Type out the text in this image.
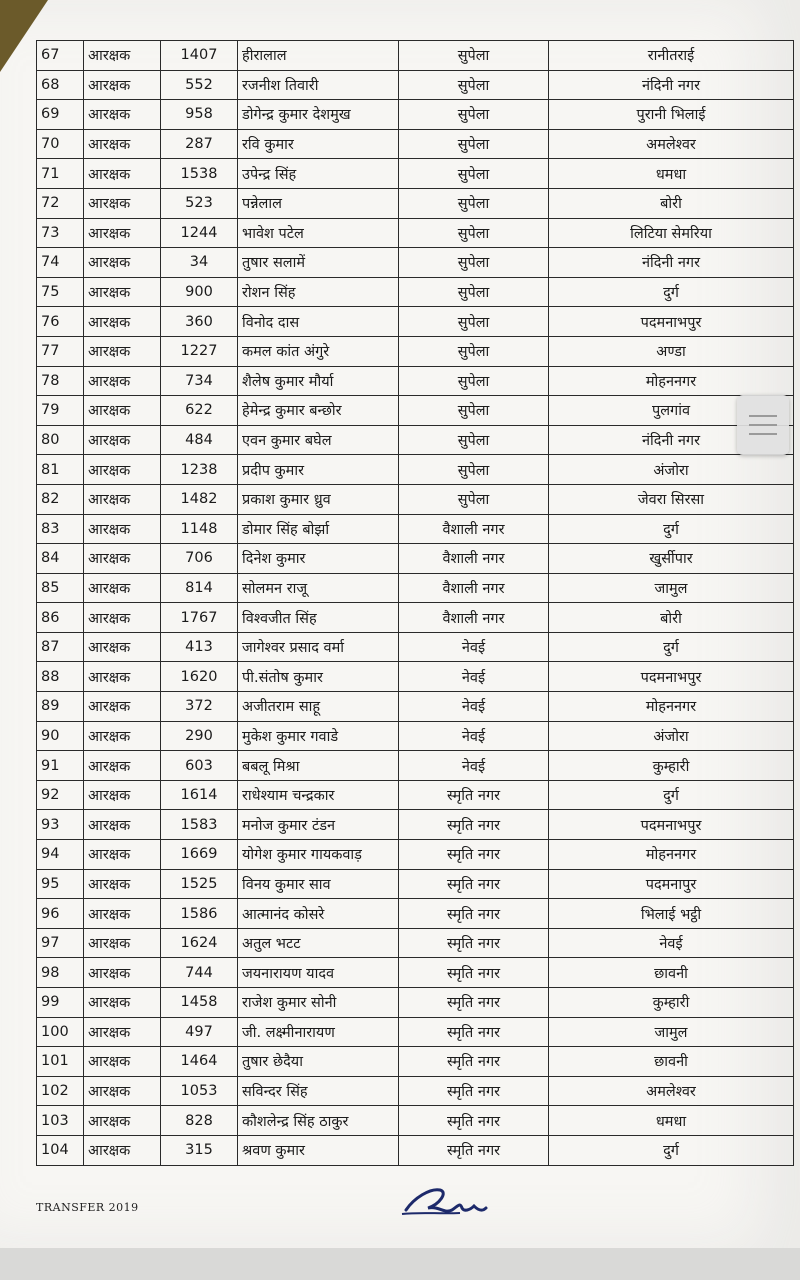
67	आरक्षक	1407	हीरालाल	सुपेला	रानीतराई
68	आरक्षक	552	रजनीश तिवारी	सुपेला	नंदिनी नगर
69	आरक्षक	958	डोगेन्द्र कुमार देशमुख	सुपेला	पुरानी भिलाई
70	आरक्षक	287	रवि कुमार	सुपेला	अमलेश्वर
71	आरक्षक	1538	उपेन्द्र सिंह	सुपेला	धमधा
72	आरक्षक	523	पन्नेलाल	सुपेला	बोरी
73	आरक्षक	1244	भावेश पटेल	सुपेला	लिटिया सेमरिया
74	आरक्षक	34	तुषार सलामें	सुपेला	नंदिनी नगर
75	आरक्षक	900	रोशन सिंह	सुपेला	दुर्ग
76	आरक्षक	360	विनोद दास	सुपेला	पदमनाभपुर
77	आरक्षक	1227	कमल कांत अंगुरे	सुपेला	अण्डा
78	आरक्षक	734	शैलेष कुमार मौर्या	सुपेला	मोहननगर
79	आरक्षक	622	हेमेन्द्र कुमार बन्छोर	सुपेला	पुलगांव
80	आरक्षक	484	एवन कुमार बघेल	सुपेला	नंदिनी नगर
81	आरक्षक	1238	प्रदीप कुमार	सुपेला	अंजोरा
82	आरक्षक	1482	प्रकाश कुमार ध्रुव	सुपेला	जेवरा सिरसा
83	आरक्षक	1148	डोमार सिंह बोर्झा	वैशाली नगर	दुर्ग
84	आरक्षक	706	दिनेश कुमार	वैशाली नगर	खुर्सीपार
85	आरक्षक	814	सोलमन राजू	वैशाली नगर	जामुल
86	आरक्षक	1767	विश्वजीत सिंह	वैशाली नगर	बोरी
87	आरक्षक	413	जागेश्वर प्रसाद वर्मा	नेवई	दुर्ग
88	आरक्षक	1620	पी.संतोष कुमार	नेवई	पदमनाभपुर
89	आरक्षक	372	अजीतराम साहू	नेवई	मोहननगर
90	आरक्षक	290	मुकेश कुमार गवाडे	नेवई	अंजोरा
91	आरक्षक	603	बबलू मिश्रा	नेवई	कुम्हारी
92	आरक्षक	1614	राधेश्याम चन्द्रकार	स्मृति नगर	दुर्ग
93	आरक्षक	1583	मनोज कुमार टंडन	स्मृति नगर	पदमनाभपुर
94	आरक्षक	1669	योगेश कुमार गायकवाड़	स्मृति नगर	मोहननगर
95	आरक्षक	1525	विनय कुमार साव	स्मृति नगर	पदमनापुर
96	आरक्षक	1586	आत्मानंद कोसरे	स्मृति नगर	भिलाई भट्ठी
97	आरक्षक	1624	अतुल भटट	स्मृति नगर	नेवई
98	आरक्षक	744	जयनारायण यादव	स्मृति नगर	छावनी
99	आरक्षक	1458	राजेश कुमार सोनी	स्मृति नगर	कुम्हारी
100	आरक्षक	497	जी. लक्ष्मीनारायण	स्मृति नगर	जामुल
101	आरक्षक	1464	तुषार छेदैया	स्मृति नगर	छावनी
102	आरक्षक	1053	सविन्दर सिंह	स्मृति नगर	अमलेश्वर
103	आरक्षक	828	कौशलेन्द्र सिंह ठाकुर	स्मृति नगर	धमधा
104	आरक्षक	315	श्रवण कुमार	स्मृति नगर	दुर्ग
TRANSFER 2019
